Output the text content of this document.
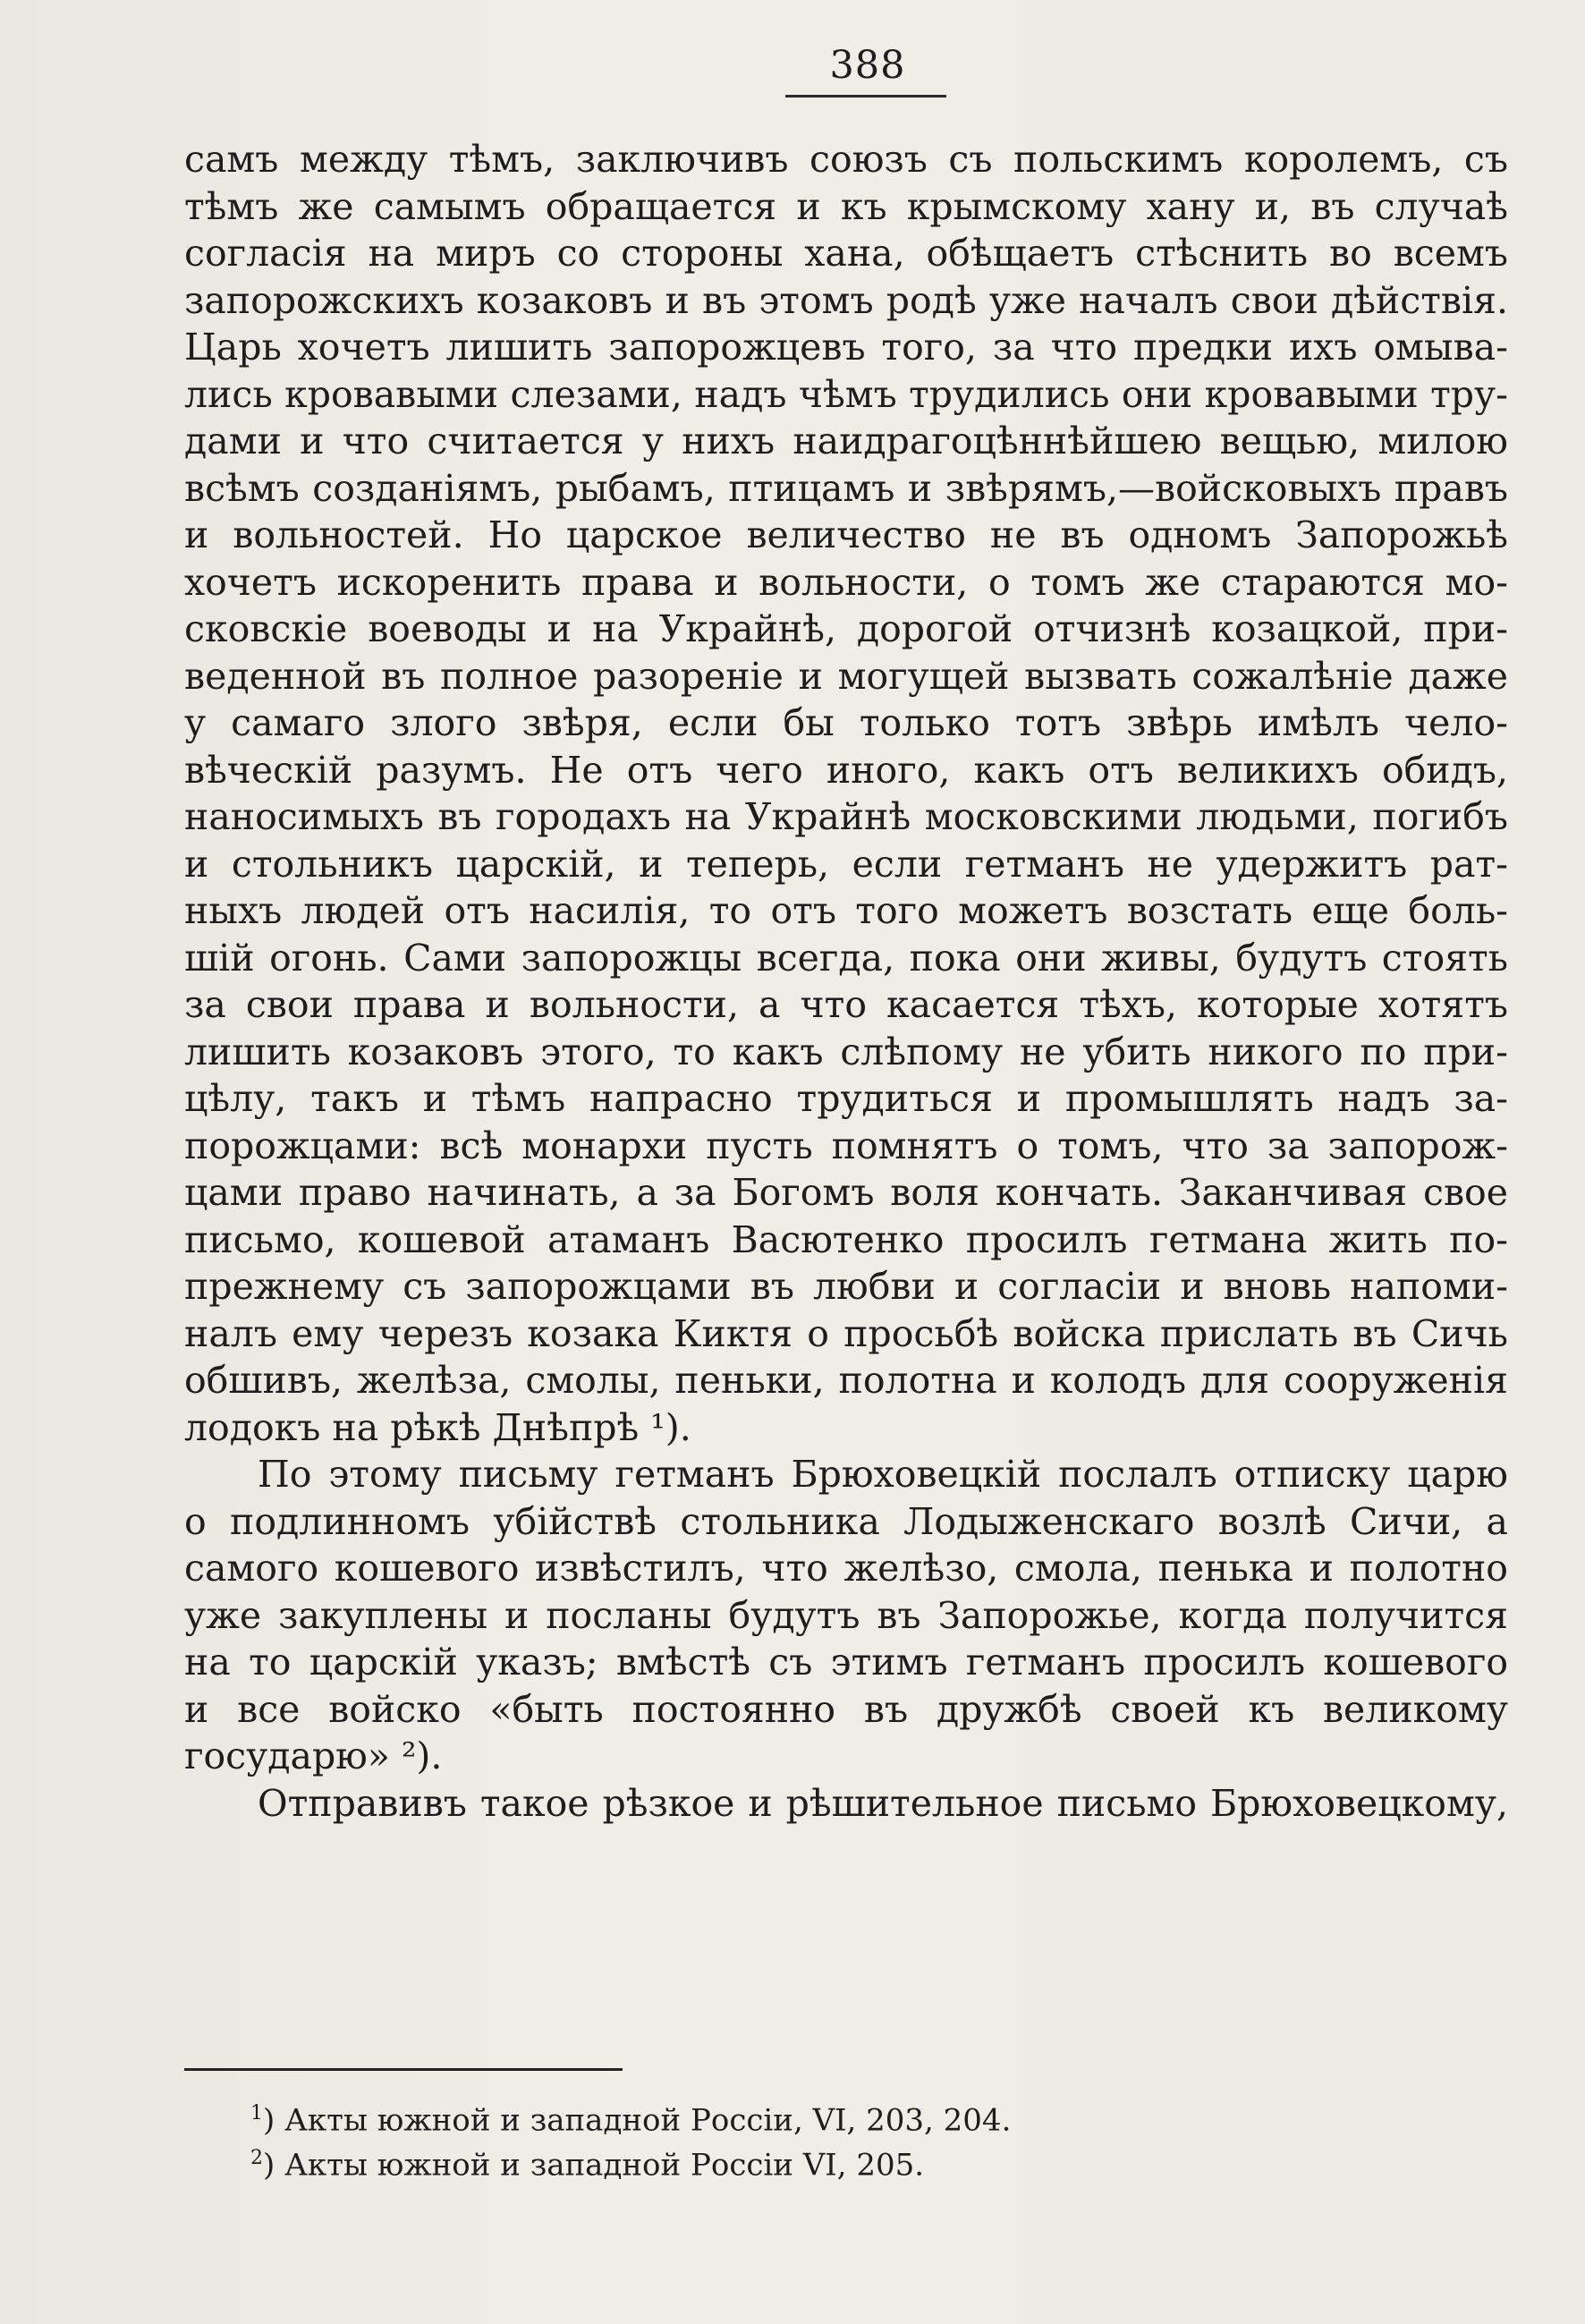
388
самъ между тѣмъ, заключивъ союзъ съ польскимъ королемъ, съ
тѣмъ же самымъ обращается и къ крымскому хану и, въ случаѣ
согласія на миръ со стороны хана, обѣщаетъ стѣснить во всемъ
запорожскихъ козаковъ и въ этомъ родѣ уже началъ свои дѣйствія.
Царь хочетъ лишить запорожцевъ того, за что предки ихъ омыва-
лись кровавыми слезами, надъ чѣмъ трудились они кровавыми тру-
дами и что считается у нихъ наидрагоцѣннѣйшею вещью, милою
всѣмъ созданіямъ, рыбамъ, птицамъ и звѣрямъ,—войсковыхъ правъ
и вольностей. Но царское величество не въ одномъ Запорожьѣ
хочетъ искоренить права и вольности, о томъ же стараются мо-
сковскіе воеводы и на Украйнѣ, дорогой отчизнѣ козацкой, при-
веденной въ полное разореніе и могущей вызвать сожалѣніе даже
у самаго злого звѣря, если бы только тотъ звѣрь имѣлъ чело-
вѣческій разумъ. Не отъ чего иного, какъ отъ великихъ обидъ,
наносимыхъ въ городахъ на Украйнѣ московскими людьми, погибъ
и стольникъ царскій, и теперь, если гетманъ не удержитъ рат-
ныхъ людей отъ насилія, то отъ того можетъ возстать еще боль-
шій огонь. Сами запорожцы всегда, пока они живы, будутъ стоять
за свои права и вольности, а что касается тѣхъ, которые хотятъ
лишить козаковъ этого, то какъ слѣпому не убить никого по при-
цѣлу, такъ и тѣмъ напрасно трудиться и промышлять надъ за-
порожцами: всѣ монархи пусть помнятъ о томъ, что за запорож-
цами право начинать, а за Богомъ воля кончать. Заканчивая свое
письмо, кошевой атаманъ Васютенко просилъ гетмана жить по-
прежнему съ запорожцами въ любви и согласіи и вновь напоми-
налъ ему черезъ козака Киктя о просьбѣ войска прислать въ Сичь
обшивъ, желѣза, смолы, пеньки, полотна и колодъ для сооруженія
лодокъ на рѣкѣ Днѣпрѣ ¹).
По этому письму гетманъ Брюховецкій послалъ отписку царю
о подлинномъ убійствѣ стольника Лодыженскаго возлѣ Сичи, а
самого кошевого извѣстилъ, что желѣзо, смола, пенька и полотно
уже закуплены и посланы будутъ въ Запорожье, когда получится
на то царскій указъ; вмѣстѣ съ этимъ гетманъ просилъ кошевого
и все войско «быть постоянно въ дружбѣ своей къ великому
государю» ²).
Отправивъ такое рѣзкое и рѣшительное письмо Брюховецкому,
$^1$) Акты южной и западной Россіи, VI, 203, 204.
$^2$) Акты южной и западной Россіи VI, 205.
